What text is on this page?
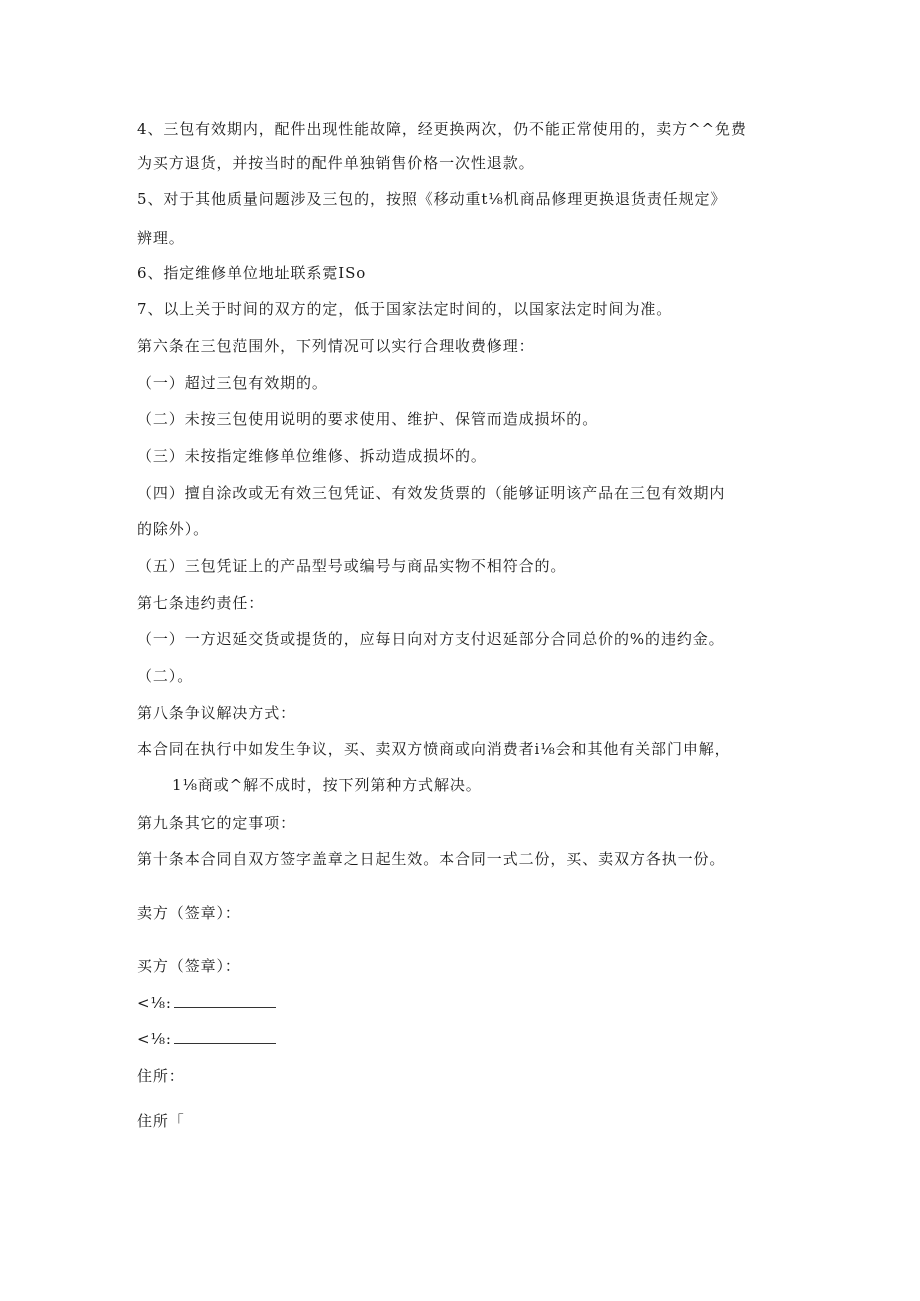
4、三包有效期内，配件出现性能故障，经更换两次，仍不能正常使用的，卖方^^免费
为买方退货，并按当时的配件单独销售价格一次性退款。
5、对于其他质量问题涉及三包的，按照《移动重t⅛机商品修理更换退货责任规定》
辨理。
6、指定维修单位地址联系霓ISo
7、以上关于时间的双方的定，低于国家法定时间的，以国家法定时间为准。
第六条在三包范围外，下列情况可以实行合理收费修理：
（一）超过三包有效期的。
（二）未按三包使用说明的要求使用、维护、保管而造成损坏的。
（三）未按指定维修单位维修、拆动造成损坏的。
（四）擅自涂改或无有效三包凭证、有效发货票的（能够证明该产品在三包有效期内
的除外）。
（五）三包凭证上的产品型号或编号与商品实物不相符合的。
第七条违约责任：
（一）一方迟延交货或提货的，应每日向对方支付迟延部分合同总价的%的违约金。
（二）。
第八条争议解决方式：
本合同在执行中如发生争议，买、卖双方愤商或向消费者i⅛会和其他有关部门申解，
1⅛商或^解不成时，按下列第种方式解决。
第九条其它的定事项：
第十条本合同自双方签字盖章之日起生效。本合同一式二份，买、卖双方各执一份。
卖方（签章）：
买方（签章）：
<⅛:
<⅛:
住所：
住所「
